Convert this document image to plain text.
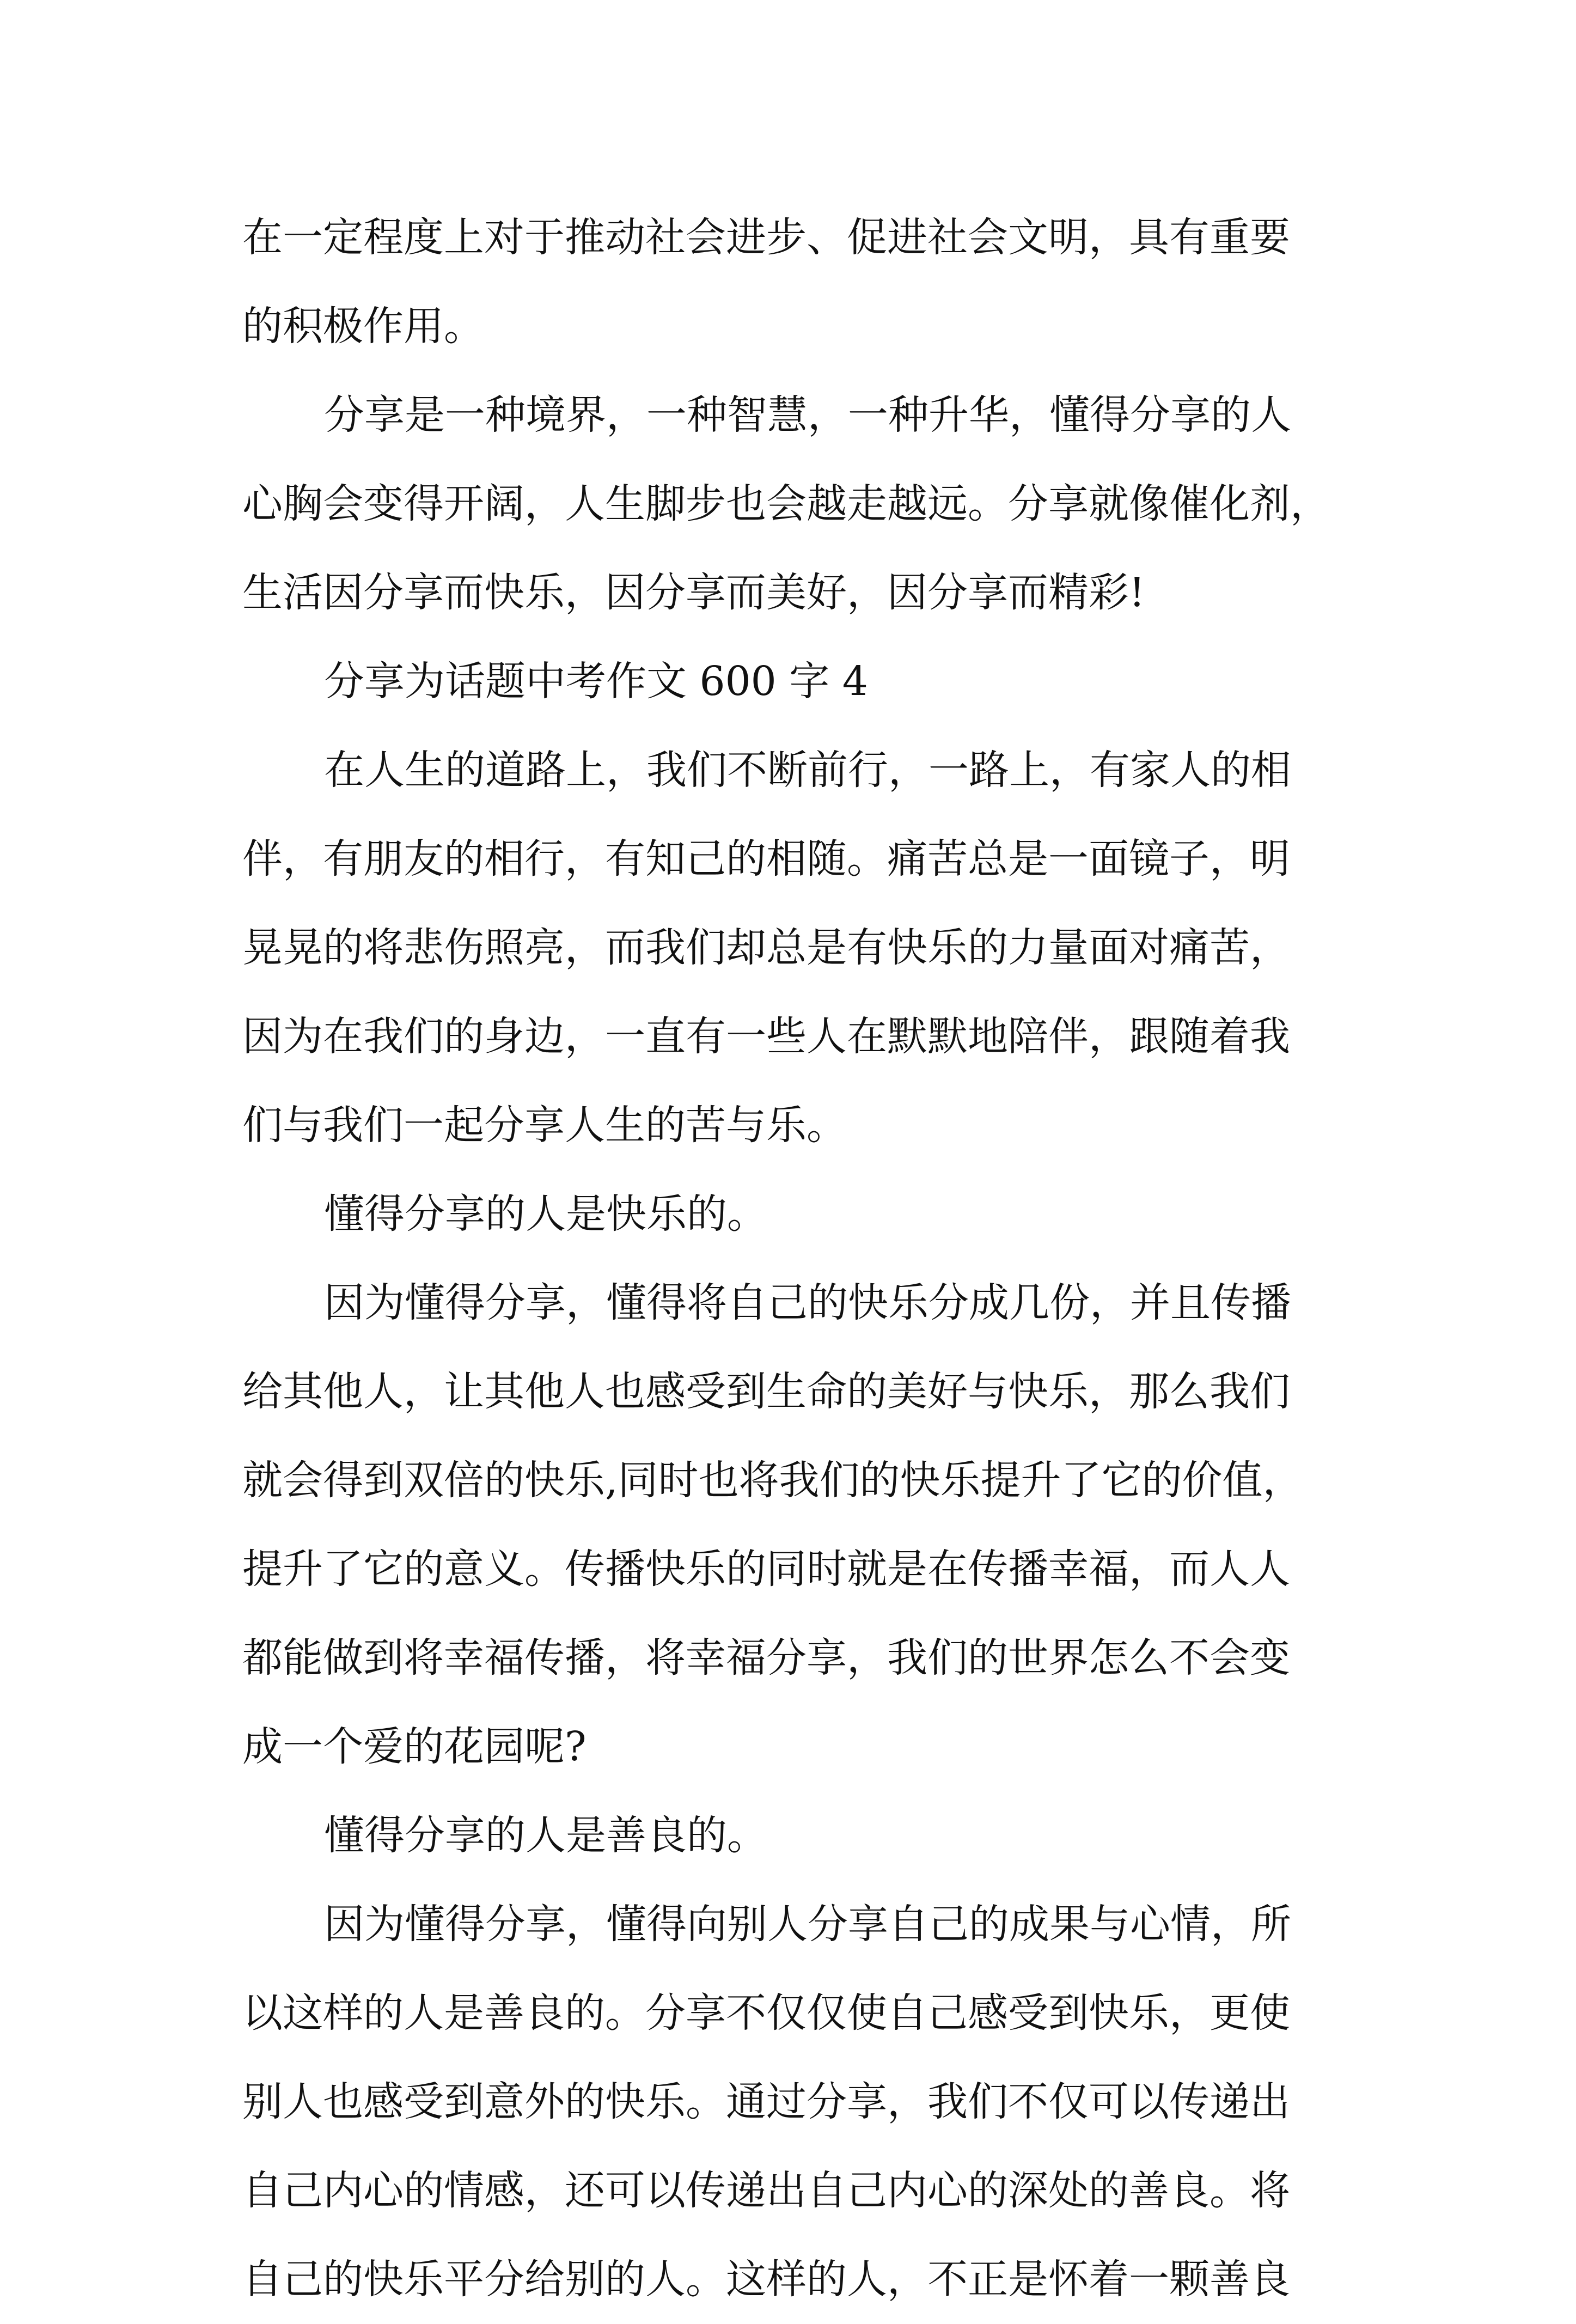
在一定程度上对于推动社会进步、促进社会文明，具有重要
的积极作用。
分享是一种境界，一种智慧，一种升华，懂得分享的人
心胸会变得开阔，人生脚步也会越走越远。分享就像催化剂，
生活因分享而快乐，因分享而美好，因分享而精彩!
分享为话题中考作文 600 字 4
在人生的道路上，我们不断前行，一路上，有家人的相
伴，有朋友的相行，有知己的相随。痛苦总是一面镜子，明
晃晃的将悲伤照亮，而我们却总是有快乐的力量面对痛苦，
因为在我们的身边，一直有一些人在默默地陪伴，跟随着我
们与我们一起分享人生的苦与乐。
懂得分享的人是快乐的。
因为懂得分享，懂得将自己的快乐分成几份，并且传播
给其他人，让其他人也感受到生命的美好与快乐，那么我们
就会得到双倍的快乐,同时也将我们的快乐提升了它的价值，
提升了它的意义。传播快乐的同时就是在传播幸福，而人人
都能做到将幸福传播，将幸福分享，我们的世界怎么不会变
成一个爱的花园呢?
懂得分享的人是善良的。
因为懂得分享，懂得向别人分享自己的成果与心情，所
以这样的人是善良的。分享不仅仅使自己感受到快乐，更使
别人也感受到意外的快乐。通过分享，我们不仅可以传递出
自己内心的情感，还可以传递出自己内心的深处的善良。将
自己的快乐平分给别的人。这样的人，不正是怀着一颗善良
